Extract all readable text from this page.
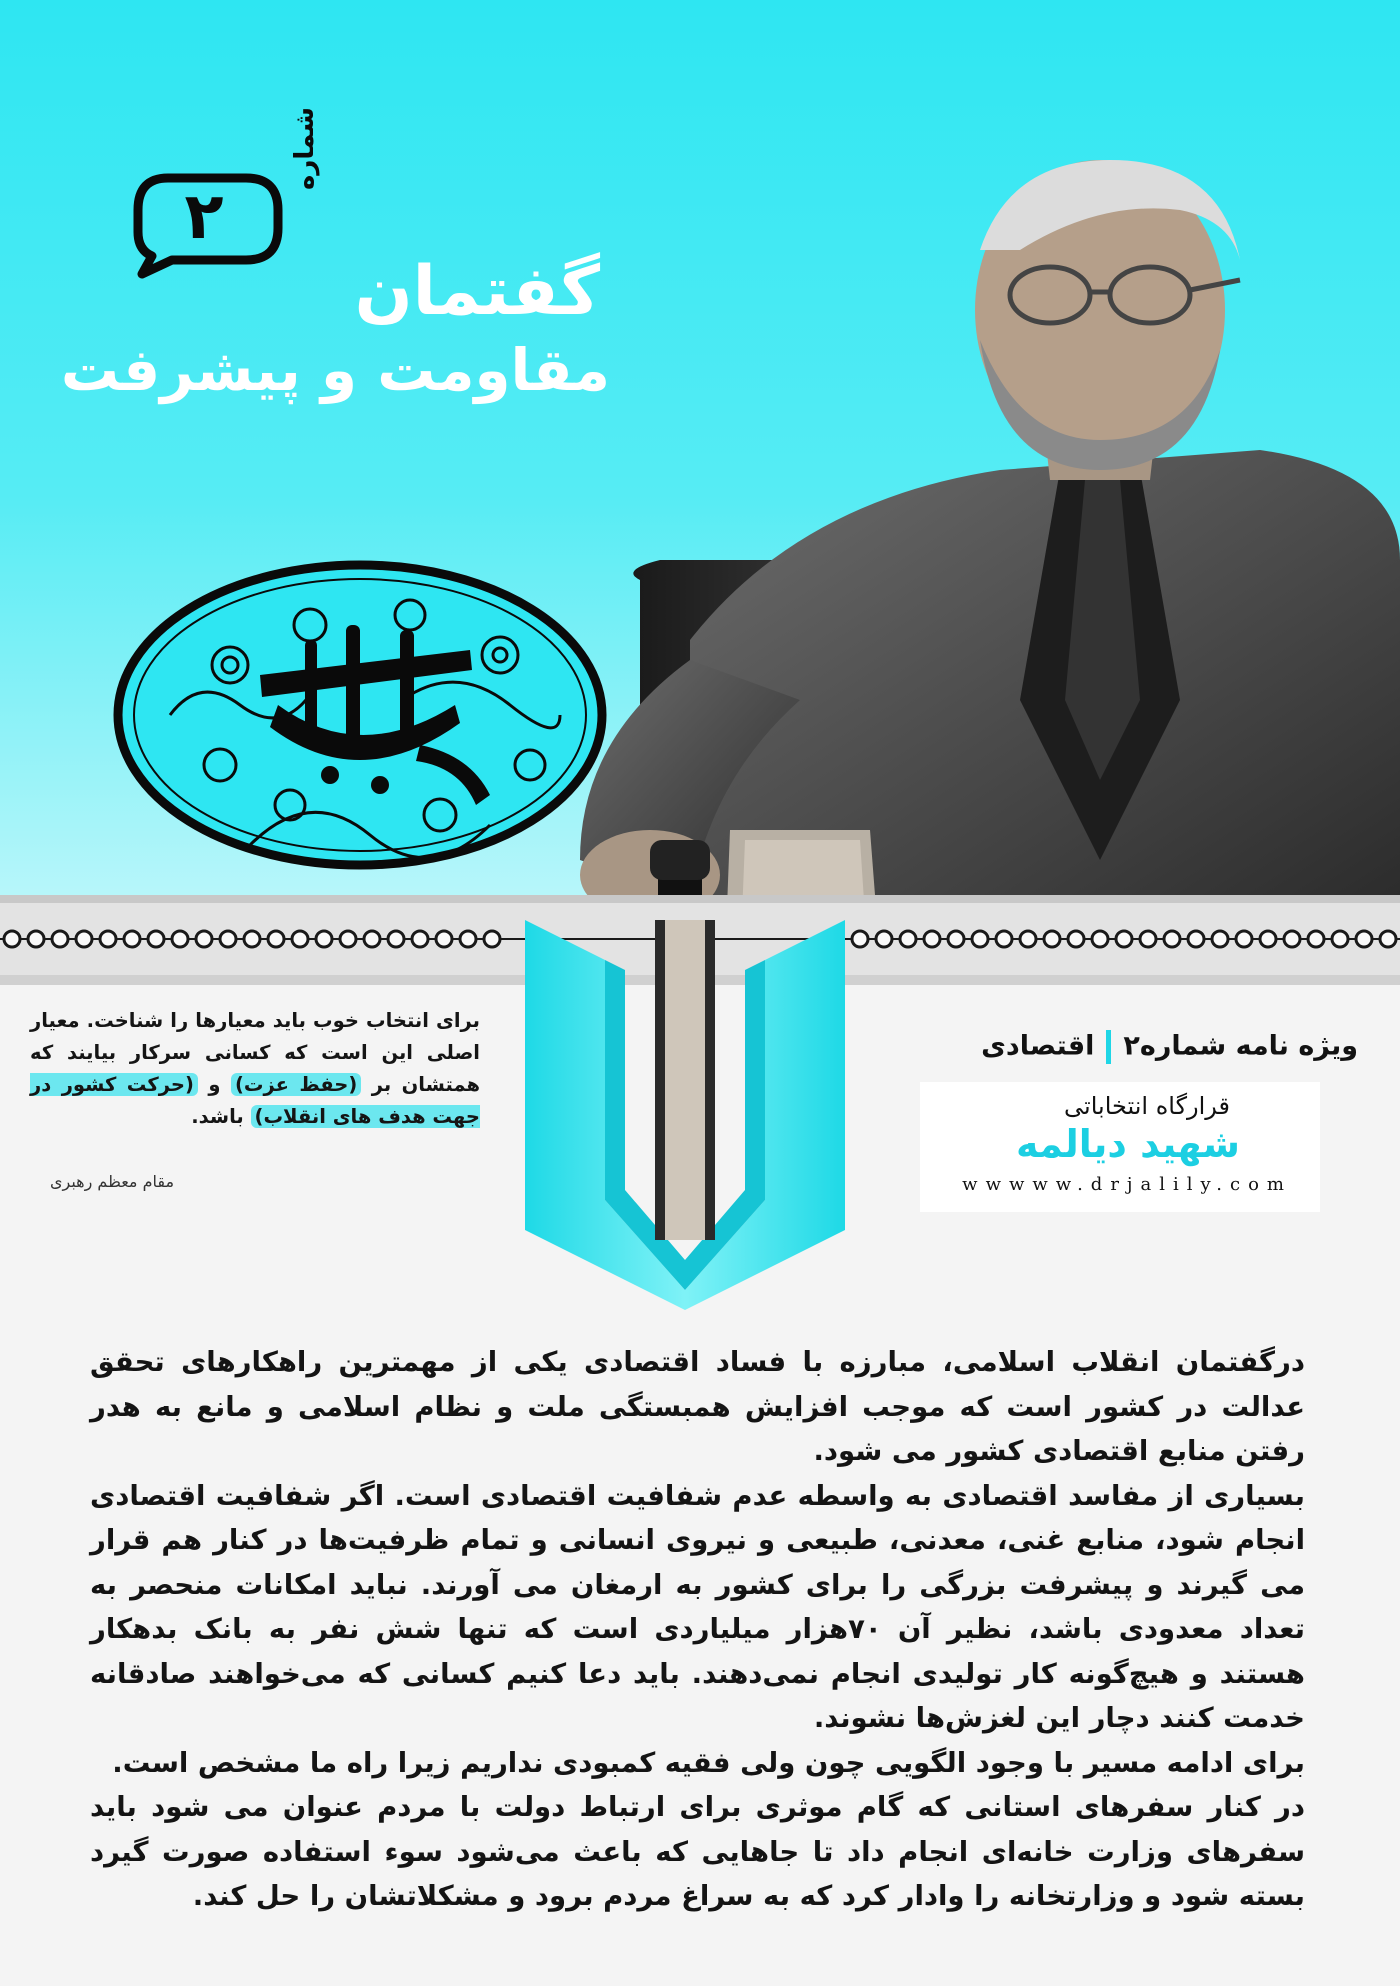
۲
شماره
گفتمان
مقاومت و پیشرفت
برای انتخاب خوب باید معیارها را شناخت. معیار اصلی این است که کسانی سرکار بیایند که همتشان بر (حفظ عزت) و (حرکت کشور در جهت هدف های انقلاب) باشد.
مقام معظم رهبری
ویژه نامه شماره۲اقتصادی
قرارگاه انتخاباتی
شهید دیالمه
wwwww.drjalily.com

درگفتمان انقلاب اسلامی، مبارزه با فساد اقتصادی یکی از مهمترین راهکارهای تحقق عدالت در کشور است که موجب افزایش همبستگی ملت و نظام اسلامی و مانع به هدر رفتن منابع اقتصادی کشور می شود.

بسیاری از مفاسد اقتصادی به واسطه عدم شفافیت اقتصادی است. اگر شفافیت اقتصادی انجام شود، منابع غنی، معدنی، طبیعی و نیروی انسانی و تمام ظرفیت‌ها در کنار هم قرار می گیرند و پیشرفت بزرگی را برای کشور به ارمغان می آورند. نباید امکانات منحصر به تعداد معدودی باشد، نظیر آن ۷۰هزار میلیاردی است که تنها شش نفر به بانک بدهکار هستند و هیچ‌گونه کار تولیدی انجام نمی‌دهند. باید دعا کنیم کسانی که می‌خواهند صادقانه خدمت کنند دچار این لغزش‌ها نشوند.

برای ادامه مسیر با وجود الگویی چون ولی فقیه کمبودی نداریم زیرا راه ما مشخص است.

در کنار سفرهای استانی که گام موثری برای ارتباط دولت با مردم عنوان می شود باید سفرهای وزارت خانه‌ای انجام داد تا جاهایی که باعث می‌شود سوء استفاده صورت گیرد بسته شود و وزارتخانه را وادار کرد که به سراغ مردم برود و مشکلاتشان را حل کند.
